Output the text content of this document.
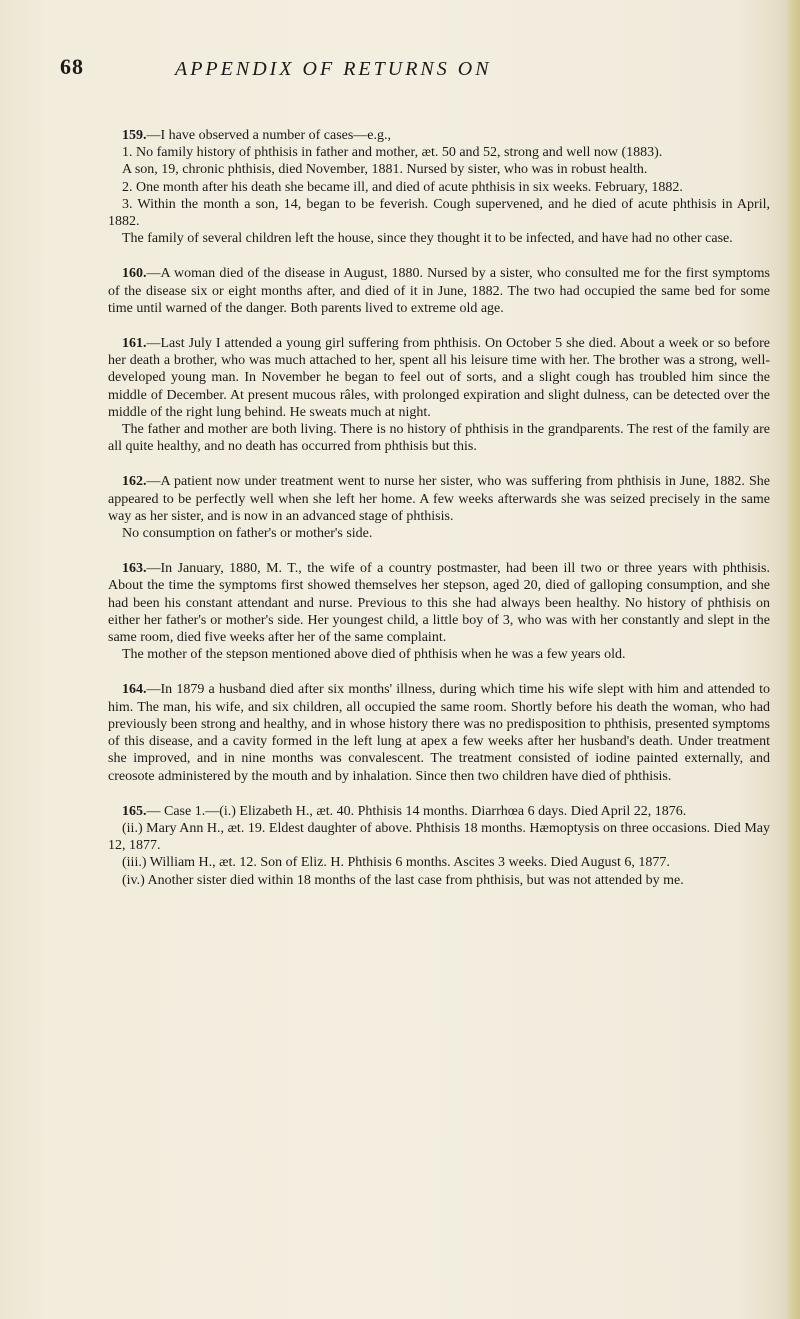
68	APPENDIX OF RETURNS ON

159.—I have observed a number of cases—e.g.,

1. No family history of phthisis in father and mother, æt. 50 and 52, strong and well now (1883).

A son, 19, chronic phthisis, died November, 1881. Nursed by sister, who was in robust health.

2. One month after his death she became ill, and died of acute phthisis in six weeks. February, 1882.

3. Within the month a son, 14, began to be feverish. Cough supervened, and he died of acute phthisis in April, 1882.

The family of several children left the house, since they thought it to be infected, and have had no other case.

160.—A woman died of the disease in August, 1880. Nursed by a sister, who consulted me for the first symptoms of the disease six or eight months after, and died of it in June, 1882. The two had occupied the same bed for some time until warned of the danger. Both parents lived to extreme old age.

161.—Last July I attended a young girl suffering from phthisis. On October 5 she died. About a week or so before her death a brother, who was much attached to her, spent all his leisure time with her. The brother was a strong, well-developed young man. In November he began to feel out of sorts, and a slight cough has troubled him since the middle of December. At present mucous râles, with prolonged expiration and slight dulness, can be detected over the middle of the right lung behind. He sweats much at night.

The father and mother are both living. There is no history of phthisis in the grandparents. The rest of the family are all quite healthy, and no death has occurred from phthisis but this.

162.—A patient now under treatment went to nurse her sister, who was suffering from phthisis in June, 1882. She appeared to be perfectly well when she left her home. A few weeks afterwards she was seized precisely in the same way as her sister, and is now in an advanced stage of phthisis.

No consumption on father's or mother's side.

163.—In January, 1880, M. T., the wife of a country postmaster, had been ill two or three years with phthisis. About the time the symptoms first showed themselves her stepson, aged 20, died of galloping consumption, and she had been his constant attendant and nurse. Previous to this she had always been healthy. No history of phthisis on either her father's or mother's side. Her youngest child, a little boy of 3, who was with her constantly and slept in the same room, died five weeks after her of the same complaint.

The mother of the stepson mentioned above died of phthisis when he was a few years old.

164.—In 1879 a husband died after six months' illness, during which time his wife slept with him and attended to him. The man, his wife, and six children, all occupied the same room. Shortly before his death the woman, who had previously been strong and healthy, and in whose history there was no predisposition to phthisis, presented symptoms of this disease, and a cavity formed in the left lung at apex a few weeks after her husband's death. Under treatment she improved, and in nine months was convalescent. The treatment consisted of iodine painted externally, and creosote administered by the mouth and by inhalation. Since then two children have died of phthisis.

165.— Case 1.—(i.) Elizabeth H., æt. 40. Phthisis 14 months. Diarrhœa 6 days. Died April 22, 1876.

(ii.) Mary Ann H., æt. 19. Eldest daughter of above. Phthisis 18 months. Hæmoptysis on three occasions. Died May 12, 1877.

(iii.) William H., æt. 12. Son of Eliz. H. Phthisis 6 months. Ascites 3 weeks. Died August 6, 1877.

(iv.) Another sister died within 18 months of the last case from phthisis, but was not attended by me.
